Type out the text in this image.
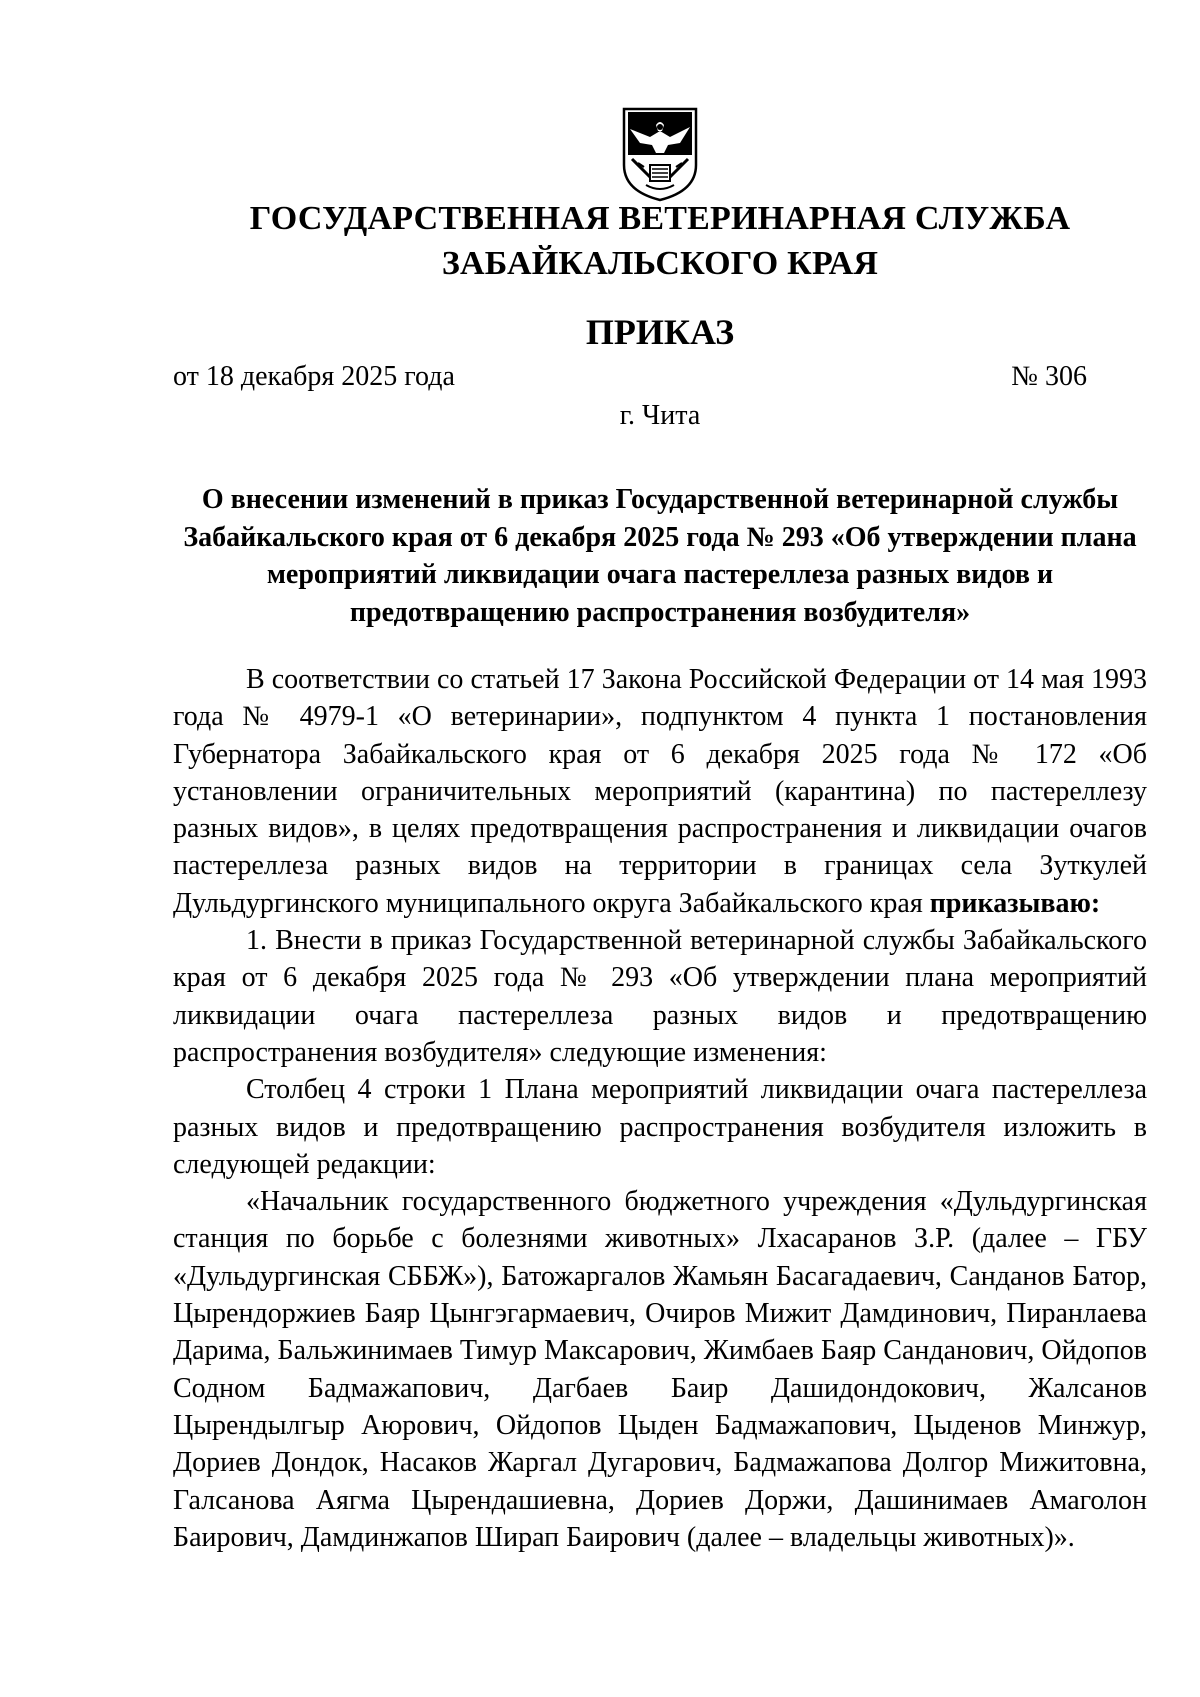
ГОСУДАРСТВЕННАЯ ВЕТЕРИНАРНАЯ СЛУЖБА
ЗАБАЙКАЛЬСКОГО КРАЯ
ПРИКАЗ
от 18 декабря 2025 года	№ 306
г. Чита
О внесении изменений в приказ Государственной ветеринарной службы Забайкальского края от 6 декабря 2025 года № 293 «Об утверждении плана мероприятий ликвидации очага пастереллеза разных видов и предотвращению распространения возбудителя»

В соответствии со статьей 17 Закона Российской Федерации от 14 мая 1993 года № 4979-1 «О ветеринарии», подпунктом 4 пункта 1 постановления Губернатора Забайкальского края от 6 декабря 2025 года № 172 «Об установлении ограничительных мероприятий (карантина) по пастереллезу разных видов», в целях предотвращения распространения и ликвидации очагов пастереллеза разных видов на территории в границах села Зуткулей Дульдургинского муниципального округа Забайкальского края приказываю:

1. Внести в приказ Государственной ветеринарной службы Забайкальского края от 6 декабря 2025 года № 293 «Об утверждении плана мероприятий ликвидации очага пастереллеза разных видов и предотвращению распространения возбудителя» следующие изменения:

Столбец 4 строки 1 Плана мероприятий ликвидации очага пастереллеза разных видов и предотвращению распространения возбудителя изложить в следующей редакции:

«Начальник государственного бюджетного учреждения «Дульдургинская станция по борьбе с болезнями животных» Лхасаранов З.Р. (далее – ГБУ «Дульдургинская СББЖ»), Батожаргалов Жамьян Басагадаевич, Санданов Батор, Цырендоржиев Баяр Цынгэгармаевич, Очиров Мижит Дамдинович, Пиранлаева Дарима, Бальжинимаев Тимур Максарович, Жимбаев Баяр Санданович, Ойдопов Содном Бадмажапович, Дагбаев Баир Дашидондокович, Жалсанов Цырендылгыр Аюрович, Ойдопов Цыден Бадмажапович, Цыденов Минжур, Дориев Дондок, Насаков Жаргал Дугарович, Бадмажапова Долгор Мижитовна, Галсанова Аягма Цырендашиевна, Дориев Доржи, Дашинимаев Амаголон Баирович, Дамдинжапов Ширап Баирович (далее – владельцы животных)».
